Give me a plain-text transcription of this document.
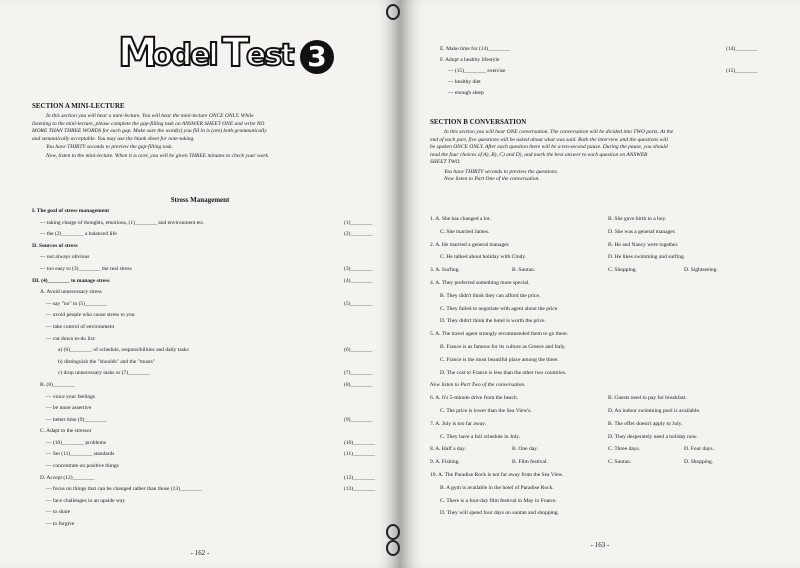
M
odel T
est 3
SECTION A MINI-LECTURE
In this section you will hear a mini-lecture. You will hear the mini-lecture ONCE ONLY. While
listening to the mini-lecture, please complete the gap-filling task on ANSWER SHEET ONE and write NO
MORE THAN THREE WORDS for each gap. Make sure the word(s) you fill in is (are) both grammatically
and semantically acceptable. You may use the blank sheet for note-taking.
You have THIRTY seconds to preview the gap-filling task.
Now, listen to the mini-lecture. When it is over, you will be given THREE minutes to check your work.
Stress Management
I. The goal of stress management
— taking charge of thoughts, emotions, (1)________ and environment etc.	(1)________
— the (2)________ a balanced life	(2)________
II. Sources of stress
— not always obvious
— too easy to (3)________ the real stress	(3)________
III. (4)________ to manage stress	(4)________
A. Avoid unnecessary stress
— say "no" to (5)________	(5)________
— avoid people who cause stress to you
— take control of environment
— cut down to-do list:
a) (6)________ of schedule, responsibilities and daily tasks	(6)________
b) distinguish the "shoulds" and the "musts"
c) drop unnecessary tasks or (7)________	(7)________
B. (8)________	(8)________
— voice your feelings
— be more assertive
— better time (9)________	(9)________
C. Adapt to the stressor
— (10)________ problems	(10)________
— Set (11)________ standards	(11)________
— concentrate on positive things
D. Accept (12)________	(12)________
— focus on things that can be changed rather than those (13)________	(13)________
— face challenges in an upside way
— to share
— to forgive
- 162 -
E. Make time for (14)________	(14)________
F. Adopt a healthy lifestyle
— (15)________ exercise	(15)________
— healthy diet
— enough sleep
SECTION B CONVERSATION
In this section you will hear ONE conversation. The conversation will be divided into TWO parts. At the
end of each part, five questions will be asked about what was said. Both the interview and the questions will
be spoken ONCE ONLY. After each question there will be a ten-second pause. During the pause, you should
read the four choices of A), B), C) and D), and mark the best answer to each question on ANSWER
SHEET TWO.
You have THIRTY seconds to preview the questions.
Now listen to Part One of the conversation.
1. A. She has changed a lot.	B. She gave birth to a boy.
C. She married James.	D. She was a general manager.
2. A. He married a general manager.	B. He and Nancy were together.
C. He talked about holiday with Cindy.	D. He likes swimming and surfing.
3. A. Surfing.	B. Suntan.	C. Shopping.	D. Sightseeing.
4. A. They preferred something more special.
B. They didn't think they can afford the price.
C. They failed to negotiate with agent about the price.
D. They didn't think the hotel is worth the price.
5. A. The travel agent strongly recommended them to go there.
B. France is as famous for its culture as Greece and Italy.
C. France is the most beautiful place among the three.
D. The cost to France is less than the other two countries.
Now listen to Part Two of the conversation.
6. A. It's 5-minute drive from the beach.	B. Guests need to pay for breakfast.
C. The price is lower than the Sea View's.	D. An indoor swimming pool is available.
7. A. July is too far away.	B. The offer doesn't apply to July.
C. They have a full schedule in July.	D. They desperately need a holiday now.
8. A. Half a day.	B. One day.	C. Three days.	D. Four days.
9. A. Fishing.	B. Film festival.	C. Suntan.	D. Shopping.
10. A. The Paradise Rock is not far away from the Sea View.
B. A gym is available in the hotel of Paradise Rock.
C. There is a four-day film festival in May in France.
D. They will spend four days on suntan and shopping.
- 163 -
